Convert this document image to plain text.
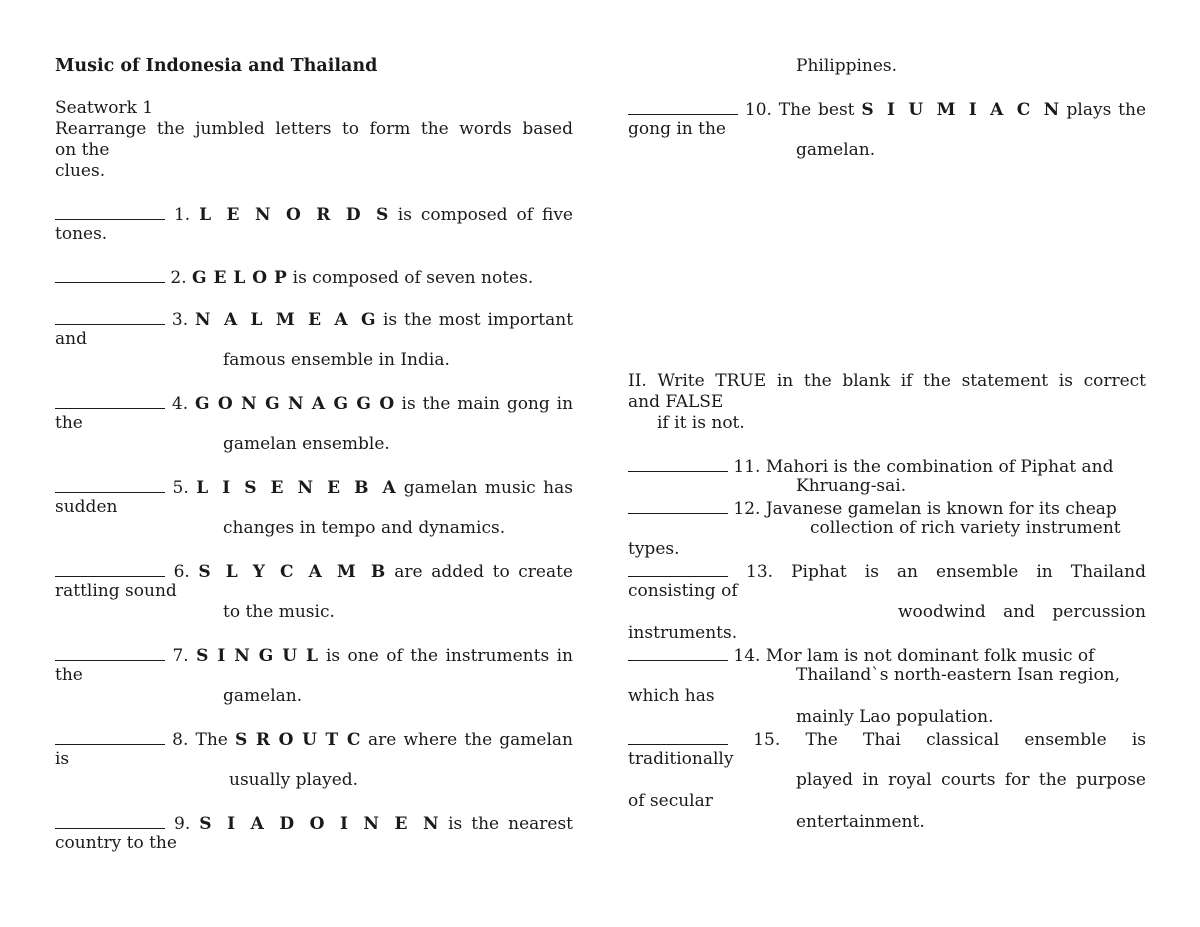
Music of Indonesia and Thailand
Seatwork 1
Rearrange the jumbled letters to form the words based
on the
clues.
1. L E N O R D S is composed of five
tones.
2. G E L O P is composed of seven notes.
3. N A L M E A G is the most important
and
famous ensemble in India.
4. G O N G N A G G O is the main gong in
the
gamelan ensemble.
5. L I S E N E B A gamelan music has
sudden
changes in tempo and dynamics.
6. S L Y C A M B are added to create
rattling sound
to the music.
7. S I N G U L is one of the instruments in
the
gamelan.
8. The S R O U T C are where the gamelan
is
usually played.
9. S I A D O I N E N is the nearest
country to the
Philippines.
10. The best S I U M I A C N plays the
gong in the
gamelan.
II. Write TRUE in the blank if the statement is correct
and FALSE
if it is not.
11. Mahori is the combination of Piphat and
Khruang-sai.
12. Javanese gamelan is known for its cheap
collection of rich variety instrument
types.
13. Piphat is an ensemble in Thailand
consisting of
woodwind and percussion
instruments.
14. Mor lam is not dominant folk music of
Thailand`s north-eastern Isan region,
which has
mainly Lao population.
15. The Thai classical ensemble is
traditionally
played in royal courts for the purpose
of secular
entertainment.
